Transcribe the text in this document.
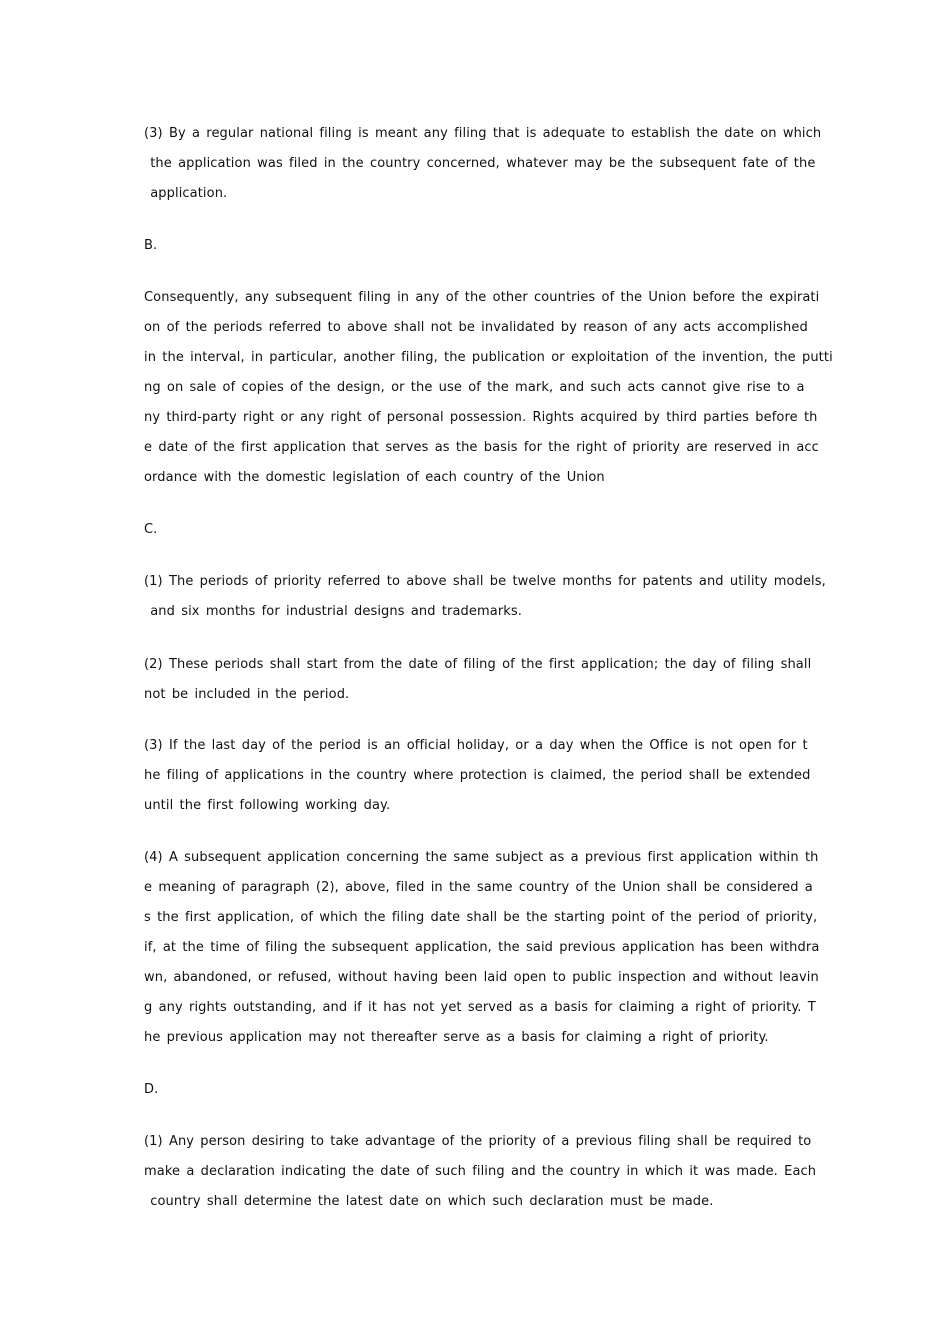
(3) By a regular national filing is meant any filing that is adequate to establish the date on which
the application was filed in the country concerned, whatever may be the subsequent fate of the
application.
B.
Consequently, any subsequent filing in any of the other countries of the Union before the expirati
on of the periods referred to above shall not be invalidated by reason of any acts accomplished
in the interval, in particular, another filing, the publication or exploitation of the invention, the putti
ng on sale of copies of the design, or the use of the mark, and such acts cannot give rise to a
ny third-party right or any right of personal possession. Rights acquired by third parties before th
e date of the first application that serves as the basis for the right of priority are reserved in acc
ordance with the domestic legislation of each country of the Union
C.
(1) The periods of priority referred to above shall be twelve months for patents and utility models,
and six months for industrial designs and trademarks.
(2) These periods shall start from the date of filing of the first application; the day of filing shall
not be included in the period.
(3) If the last day of the period is an official holiday, or a day when the Office is not open for t
he filing of applications in the country where protection is claimed, the period shall be extended
until the first following working day.
(4) A subsequent application concerning the same subject as a previous first application within th
e meaning of paragraph (2), above, filed in the same country of the Union shall be considered a
s the first application, of which the filing date shall be the starting point of the period of priority,
if, at the time of filing the subsequent application, the said previous application has been withdra
wn, abandoned, or refused, without having been laid open to public inspection and without leavin
g any rights outstanding, and if it has not yet served as a basis for claiming a right of priority. T
he previous application may not thereafter serve as a basis for claiming a right of priority.
D.
(1) Any person desiring to take advantage of the priority of a previous filing shall be required to
make a declaration indicating the date of such filing and the country in which it was made. Each
country shall determine the latest date on which such declaration must be made.
